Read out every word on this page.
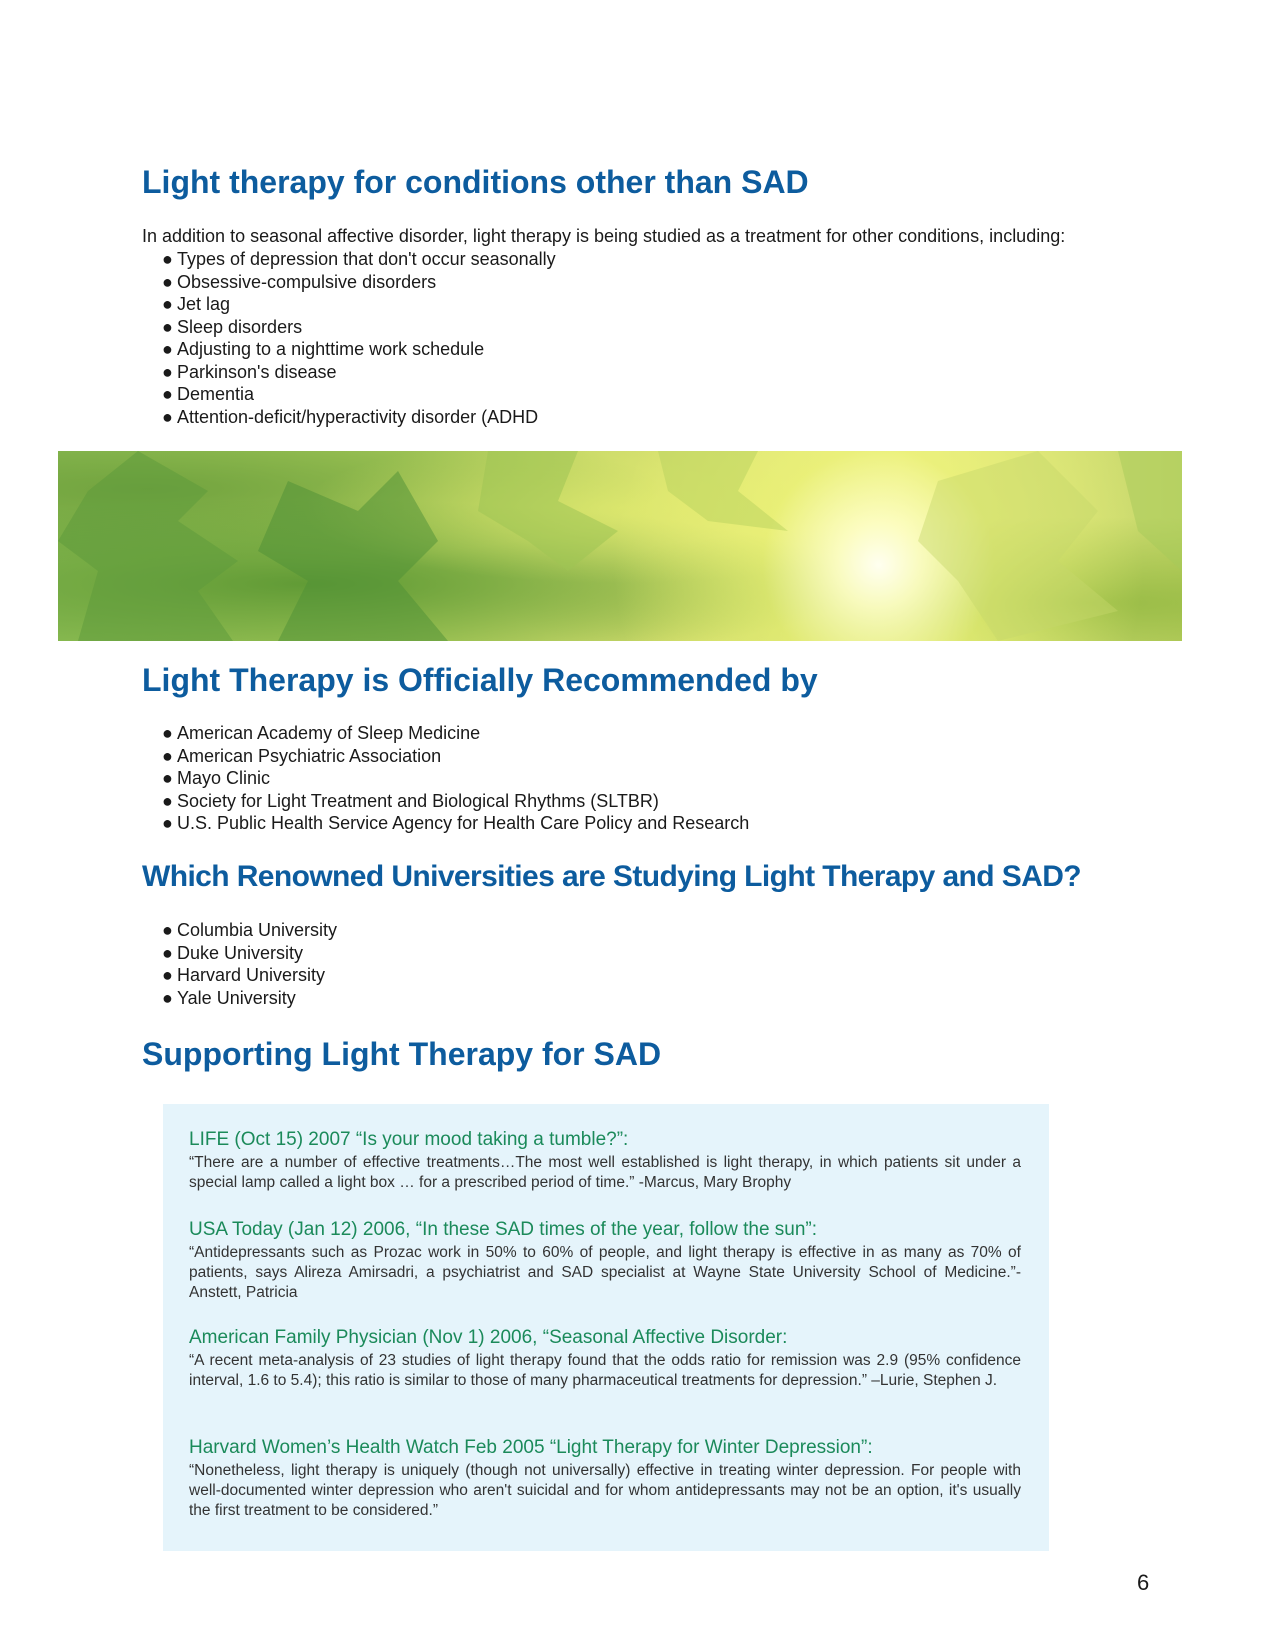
Light therapy for conditions other than SAD

In addition to seasonal affective disorder, light therapy is being studied as a treatment for other conditions, including:

● Types of depression that don't occur seasonally
● Obsessive-compulsive disorders
● Jet lag
● Sleep disorders
● Adjusting to a nighttime work schedule
● Parkinson's disease
● Dementia
● Attention-deficit/hyperactivity disorder (ADHD
Light Therapy is Officially Recommended by
● American Academy of Sleep Medicine
● American Psychiatric Association
● Mayo Clinic
● Society for Light Treatment and Biological Rhythms (SLTBR)
● U.S. Public Health Service Agency for Health Care Policy and Research
Which Renowned Universities are Studying Light Therapy and SAD?
● Columbia University
● Duke University
● Harvard University
● Yale University
Supporting Light Therapy for SAD

LIFE (Oct 15) 2007 “Is your mood taking a tumble?”:

“There are a number of effective treatments…The most well established is light therapy, in which patients sit under a special lamp called a light box … for a prescribed period of time.” -Marcus, Mary Brophy

USA Today (Jan 12) 2006, “In these SAD times of the year, follow the sun”:

“Antidepressants such as Prozac work in 50% to 60% of people, and light therapy is effective in as many as 70% of patients, says Alireza Amirsadri, a psychiatrist and SAD specialist at Wayne State University School of Medicine.”-Anstett, Patricia

American Family Physician (Nov 1) 2006, “Seasonal Affective Disorder:

“A recent meta-analysis of 23 studies of light therapy found that the odds ratio for remission was 2.9 (95% confidence interval, 1.6 to 5.4); this ratio is similar to those of many pharmaceutical treatments for depression.” –Lurie, Stephen J.

Harvard Women’s Health Watch Feb 2005 “Light Therapy for Winter Depression”:

“Nonetheless, light therapy is uniquely (though not universally) effective in treating winter depression. For people with well-documented winter depression who aren't suicidal and for whom antidepressants may not be an option, it's usually the first treatment to be considered.”

6
